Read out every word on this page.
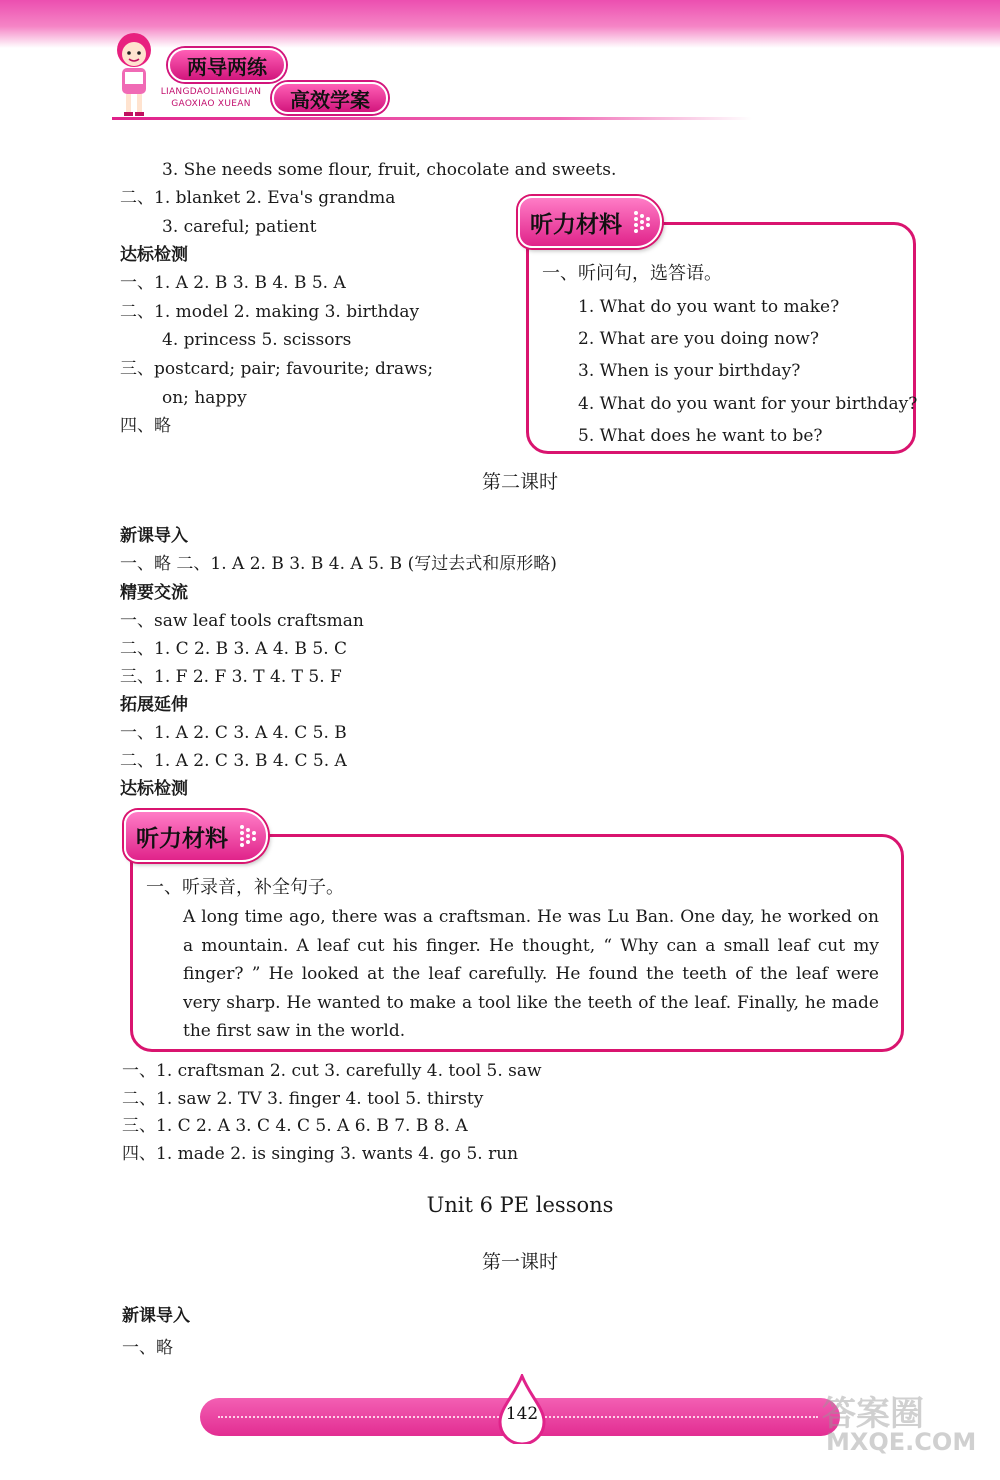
两导两练
高效学案
LIANGDAOLIANGLIAN
GAOXIAO XUEAN
3. She needs some flour, fruit, chocolate and sweets.
二、1. blanket 2. Eva's grandma
3. careful; patient
达标检测
一、1. A 2. B 3. B 4. B 5. A
二、1. model 2. making 3. birthday
4. princess 5. scissors
三、postcard; pair; favourite; draws;
on; happy
四、略
听力材料
一、听问句，选答语。
1. What do you want to make?
2. What are you doing now?
3. When is your birthday?
4. What do you want for your birthday?
5. What does he want to be?
第二课时
新课导入
一、略 二、1. A 2. B 3. B 4. A 5. B (写过去式和原形略)
精要交流
一、saw leaf tools craftsman
二、1. C 2. B 3. A 4. B 5. C
三、1. F 2. F 3. T 4. T 5. F
拓展延伸
一、1. A 2. C 3. A 4. C 5. B
二、1. A 2. C 3. B 4. C 5. A
达标检测
听力材料
一、听录音，补全句子。
A long time ago, there was a craftsman. He was Lu Ban. One day, he worked on a mountain. A leaf cut his finger. He thought, “ Why can a small leaf cut my finger? ” He looked at the leaf carefully. He found the teeth of the leaf were very sharp. He wanted to make a tool like the teeth of the leaf. Finally, he made the first saw in the world.
一、1. craftsman 2. cut 3. carefully 4. tool 5. saw
二、1. saw 2. TV 3. finger 4. tool 5. thirsty
三、1. C 2. A 3. C 4. C 5. A 6. B 7. B 8. A
四、1. made 2. is singing 3. wants 4. go 5. run
Unit 6 PE lessons
第一课时
新课导入
一、略
142	答案圈
MXQE.COM
